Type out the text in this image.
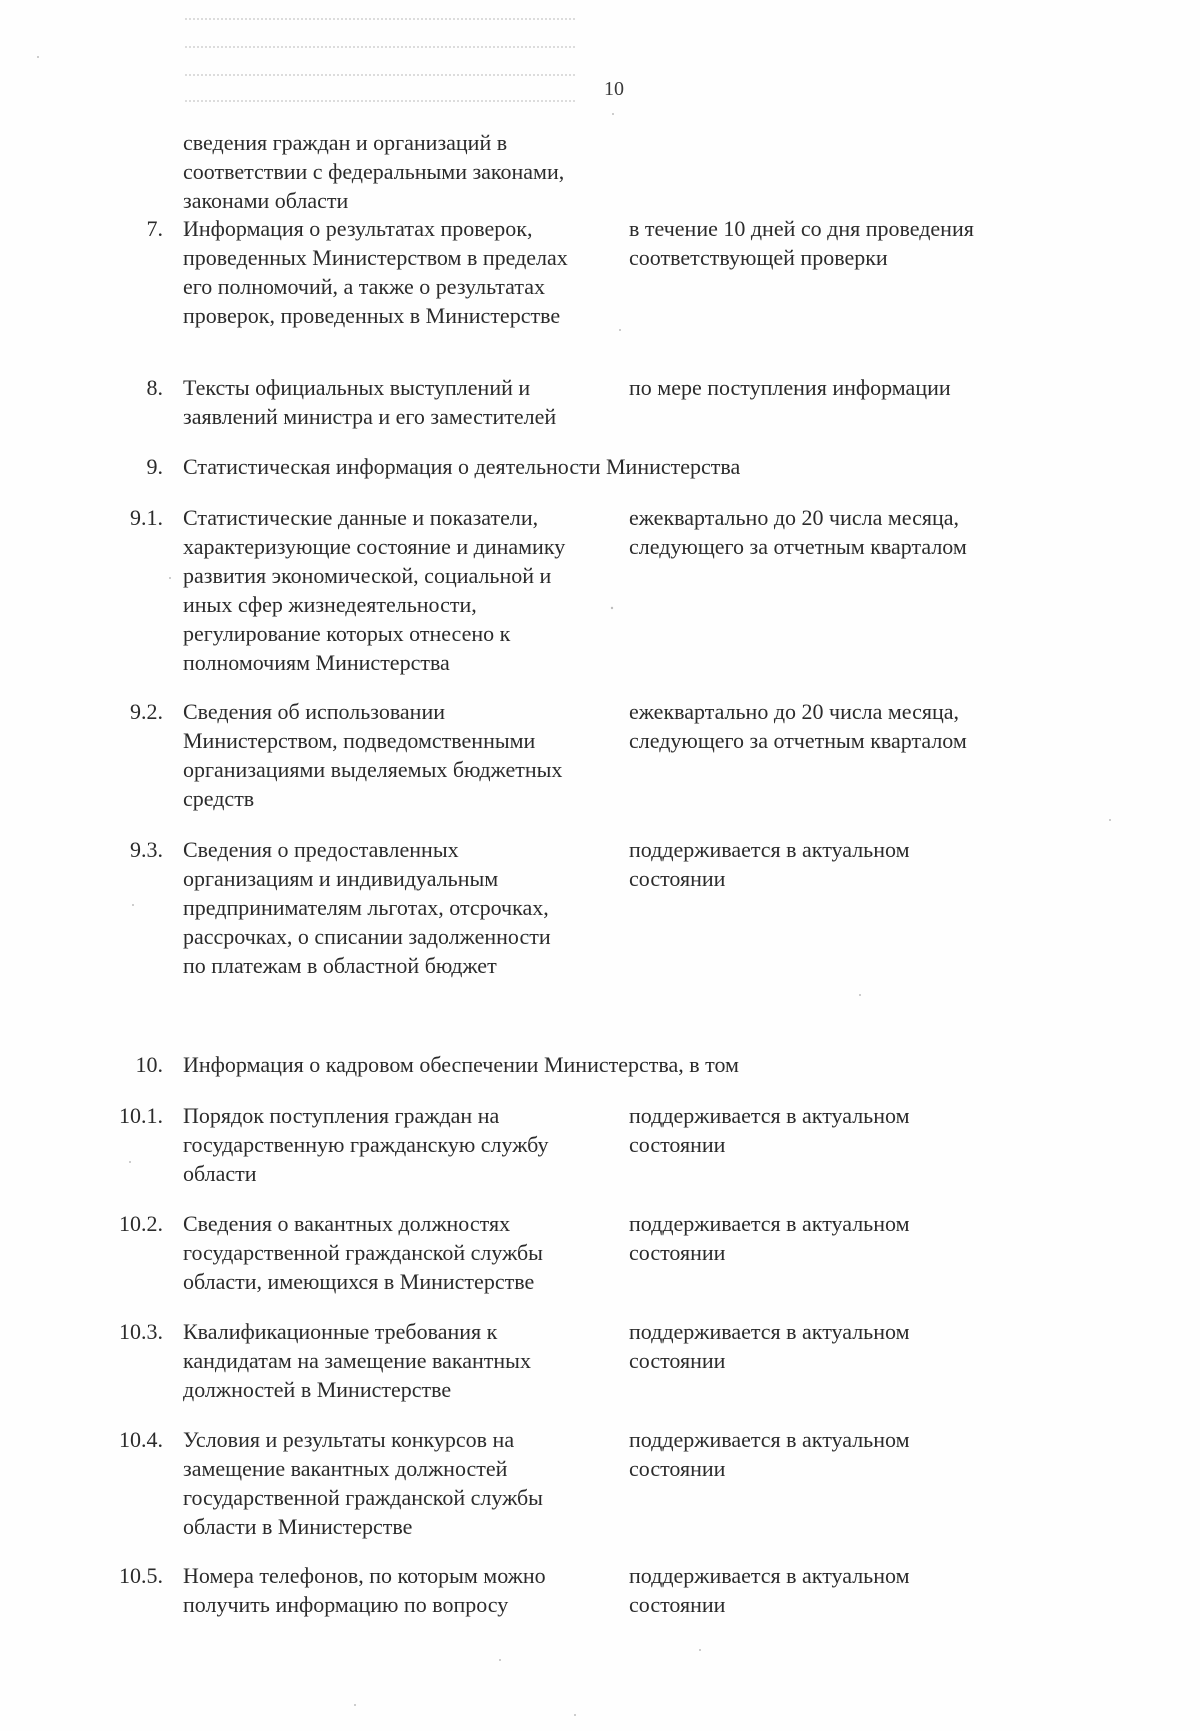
10
сведения граждан и организаций в
соответствии с федеральными законами,
законами области
7. Информация о результатах проверок,
проведенных Министерством в пределах
его полномочий, а также о результатах
проверок, проведенных в Министерстве
в течение 10 дней со дня проведения
соответствующей проверки
8. Тексты официальных выступлений и
заявлений министра и его заместителей
по мере поступления информации
9. Статистическая информация о деятельности Министерства
9.1. Статистические данные и показатели,
характеризующие состояние и динамику
развития экономической, социальной и
иных сфер жизнедеятельности,
регулирование которых отнесено к
полномочиям Министерства
ежеквартально до 20 числа месяца,
следующего за отчетным кварталом
9.2. Сведения об использовании
Министерством, подведомственными
организациями выделяемых бюджетных
средств
ежеквартально до 20 числа месяца,
следующего за отчетным кварталом
9.3. Сведения о предоставленных
организациям и индивидуальным
предпринимателям льготах, отсрочках,
рассрочках, о списании задолженности
по платежам в областной бюджет
поддерживается в актуальном
состоянии
10. Информация о кадровом обеспечении Министерства, в том
10.1. Порядок поступления граждан на
государственную гражданскую службу
области
поддерживается в актуальном
состоянии
10.2. Сведения о вакантных должностях
государственной гражданской службы
области, имеющихся в Министерстве
поддерживается в актуальном
состоянии
10.3. Квалификационные требования к
кандидатам на замещение вакантных
должностей в Министерстве
поддерживается в актуальном
состоянии
10.4. Условия и результаты конкурсов на
замещение вакантных должностей
государственной гражданской службы
области в Министерстве
поддерживается в актуальном
состоянии
10.5. Номера телефонов, по которым можно
получить информацию по вопросу
поддерживается в актуальном
состоянии
